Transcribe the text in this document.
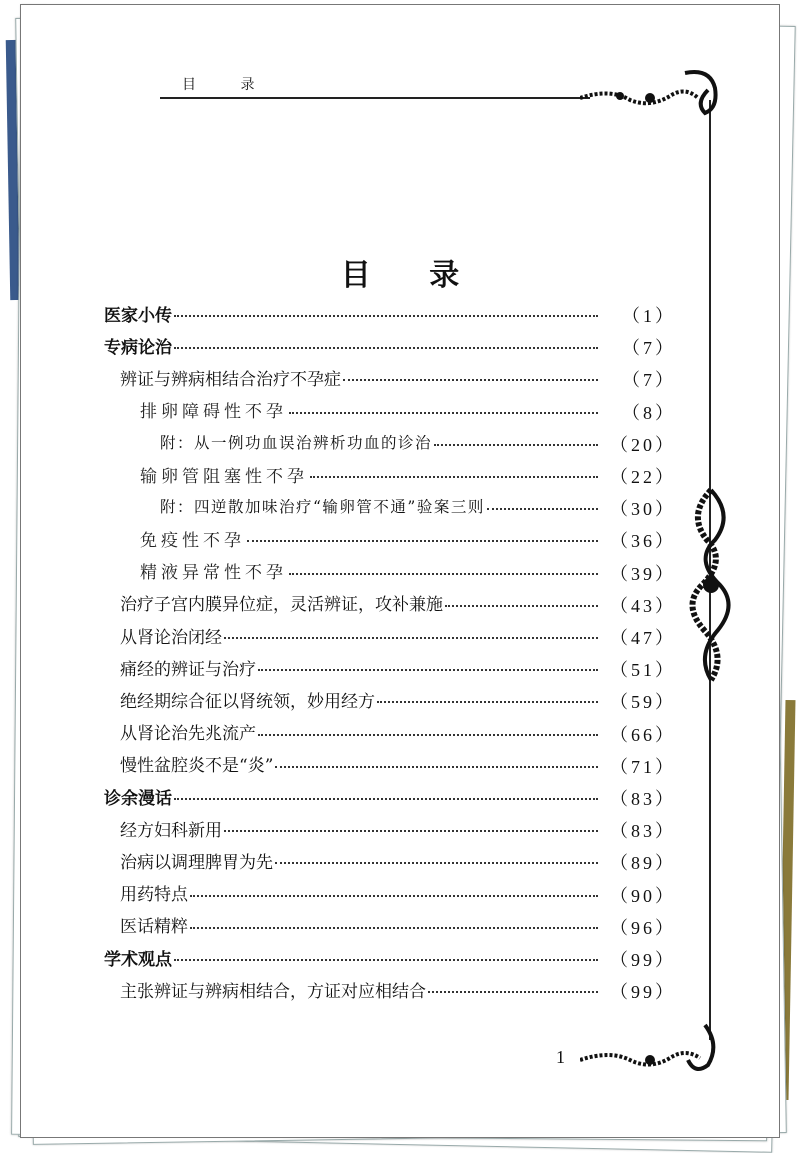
目 录
目 录
医家小传	（1）
专病论治	（7）
辨证与辨病相结合治疗不孕症	（7）
排卵障碍性不孕	（8）
附：从一例功血误治辨析功血的诊治	（20）
输卵管阻塞性不孕	（22）
附：四逆散加味治疗“输卵管不通”验案三则	（30）
免疫性不孕	（36）
精液异常性不孕	（39）
治疗子宫内膜异位症，灵活辨证，攻补兼施	（43）
从肾论治闭经	（47）
痛经的辨证与治疗	（51）
绝经期综合征以肾统领，妙用经方	（59）
从肾论治先兆流产	（66）
慢性盆腔炎不是“炎”	（71）
诊余漫话	（83）
经方妇科新用	（83）
治病以调理脾胃为先	（89）
用药特点	（90）
医话精粹	（96）
学术观点	（99）
主张辨证与辨病相结合，方证对应相结合	（99）
1
